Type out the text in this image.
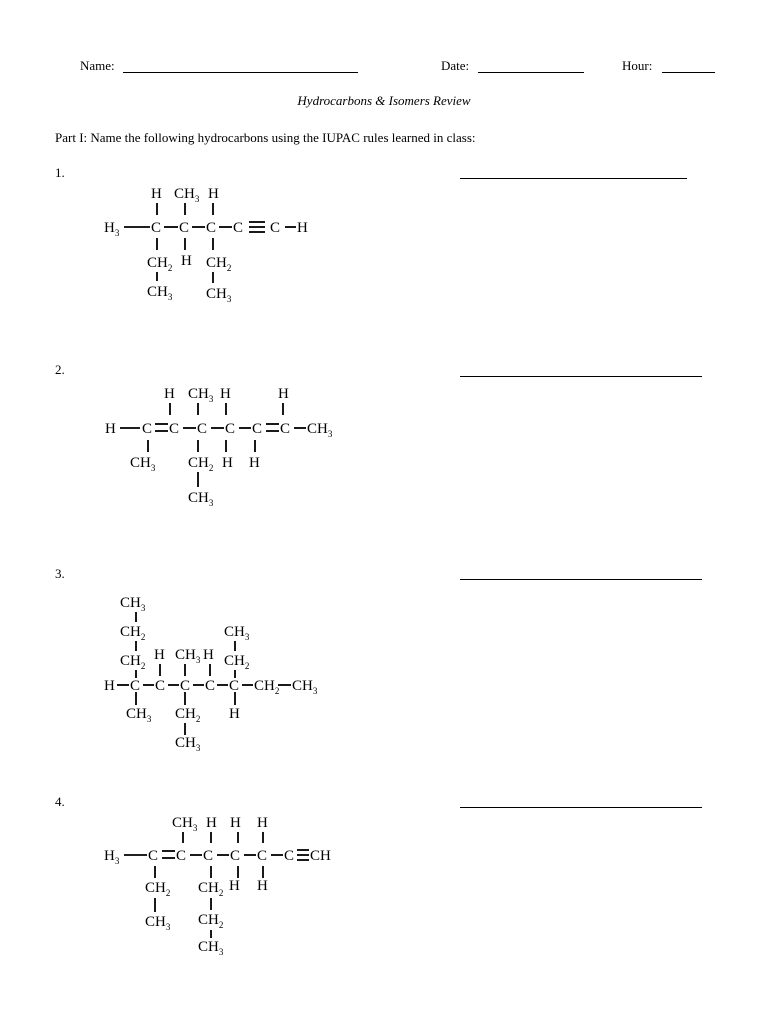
Name:	Date:	Hour:
Hydrocarbons & Isomers Review
Part I: Name the following hydrocarbons using the IUPAC rules learned in class:
1.
2.
3.
4.
$H_3$ C C C C C H
H $CH_3$ H
$CH_2$ H $CH_2$
$CH_3$ $CH_3$
H C C C C C C $CH_3$
H $CH_3$ H	H
$CH_3$ $CH_2$ H H
$CH_3$
$CH_3$
$CH_2$
$CH_2$
H $CH_3$ H
$CH_3$
$CH_2$
H C C C C C $CH_2$ $CH_3$
$CH_3$ $CH_2$ H
$CH_3$
$H_3$ C C C C C C CH
$CH_3$ H H H
$CH_2$ $CH_2$ H H
$CH_3$ $CH_2$
$CH_3$
